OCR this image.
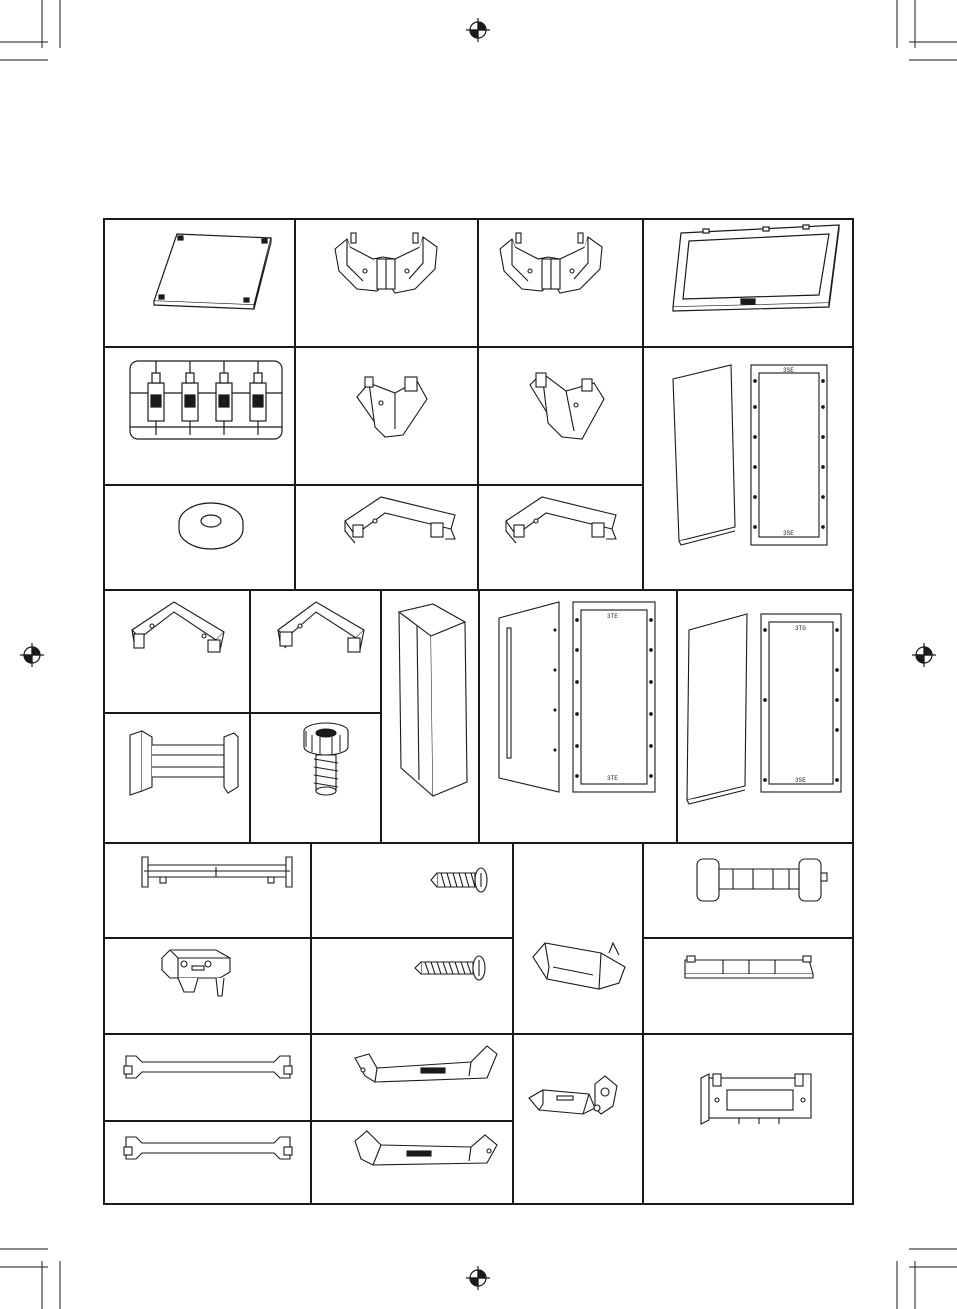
3SE
3SE
3TE
3TE
3TG
3SE
